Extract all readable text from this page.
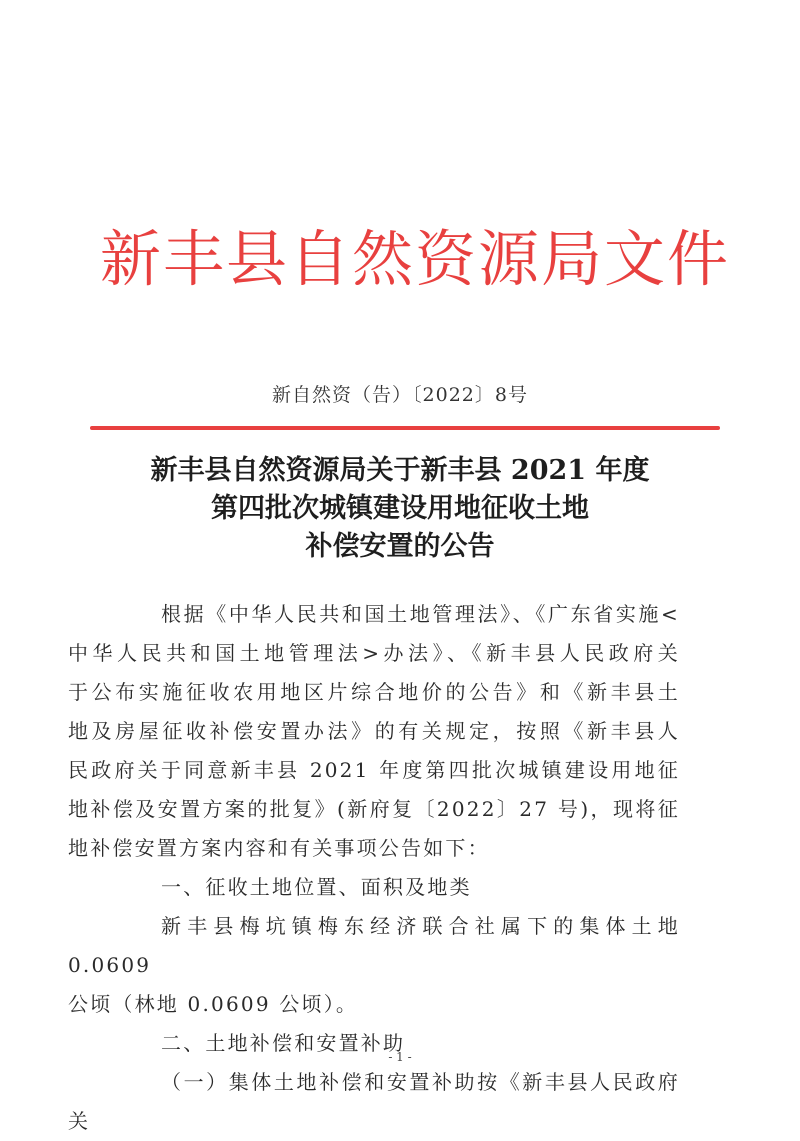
新丰县自然资源局文件
新自然资（告）〔2022〕8号
新丰县自然资源局关于新丰县 2021 年度
第四批次城镇建设用地征收土地
补偿安置的公告

根据《中华人民共和国土地管理法》、《广东省实施<

中华人民共和国土地管理法>办法》、《新丰县人民政府关

于公布实施征收农用地区片综合地价的公告》和《新丰县土

地及房屋征收补偿安置办法》的有关规定，按照《新丰县人

民政府关于同意新丰县 2021 年度第四批次城镇建设用地征

地补偿及安置方案的批复》(新府复〔2022〕27 号)，现将征

地补偿安置方案内容和有关事项公告如下：

一、征收土地位置、面积及地类

新丰县梅坑镇梅东经济联合社属下的集体土地 0.0609

公顷（林地 0.0609 公顷）。

二、土地补偿和安置补助

（一）集体土地补偿和安置补助按《新丰县人民政府关

- 1 -
